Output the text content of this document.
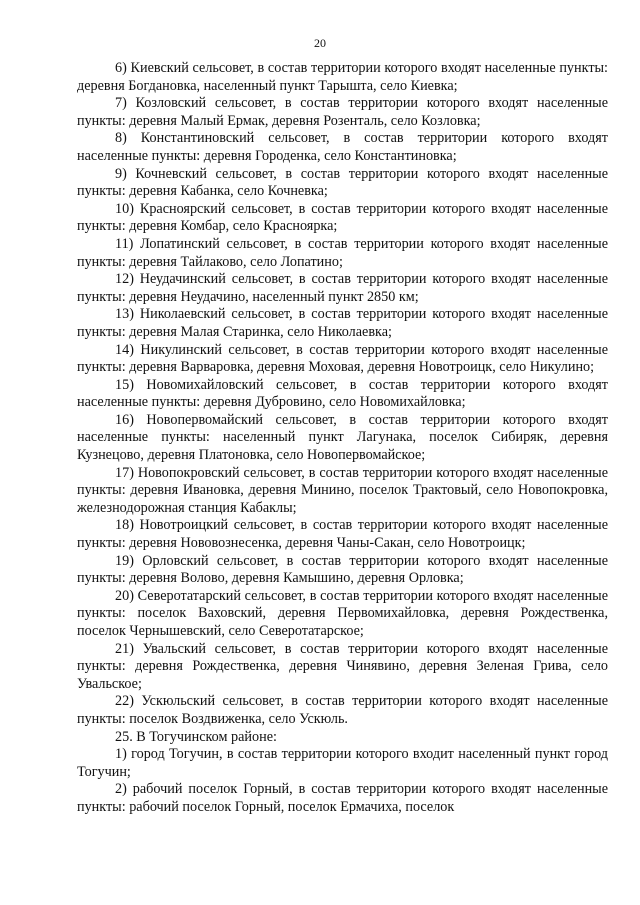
20

6) Киевский сельсовет, в состав территории которого входят населенные пункты: деревня Богдановка, населенный пункт Тарышта, село Киевка;

7) Козловский сельсовет, в состав территории которого входят населенные пункты: деревня Малый Ермак, деревня Розенталь, село Козловка;

8) Константиновский сельсовет, в состав территории которого входят населенные пункты: деревня Городенка, село Константиновка;

9) Кочневский сельсовет, в состав территории которого входят населенные пункты: деревня Кабанка, село Кочневка;

10) Красноярский сельсовет, в состав территории которого входят населенные пункты: деревня Комбар, село Красноярка;

11) Лопатинский сельсовет, в состав территории которого входят населенные пункты: деревня Тайлаково, село Лопатино;

12) Неудачинский сельсовет, в состав территории которого входят населенные пункты: деревня Неудачино, населенный пункт 2850 км;

13) Николаевский сельсовет, в состав территории которого входят населенные пункты: деревня Малая Старинка, село Николаевка;

14) Никулинский сельсовет, в состав территории которого входят населенные пункты: деревня Варваровка, деревня Моховая, деревня Новотроицк, село Никулино;

15) Новомихайловский сельсовет, в состав территории которого входят населенные пункты: деревня Дубровино, село Новомихайловка;

16) Новопервомайский сельсовет, в состав территории которого входят населенные пункты: населенный пункт Лагунака, поселок Сибиряк, деревня Кузнецово, деревня Платоновка, село Новопервомайское;

17) Новопокровский сельсовет, в состав территории которого входят населенные пункты: деревня Ивановка, деревня Минино, поселок Трактовый, село Новопокровка, железнодорожная станция Кабаклы;

18) Новотроицкий сельсовет, в состав территории которого входят населенные пункты: деревня Нововознесенка, деревня Чаны-Сакан, село Новотроицк;

19) Орловский сельсовет, в состав территории которого входят населенные пункты: деревня Волово, деревня Камышино, деревня Орловка;

20) Северотатарский сельсовет, в состав территории которого входят населенные пункты: поселок Ваховский, деревня Первомихайловка, деревня Рождественка, поселок Чернышевский, село Северотатарское;

21) Увальский сельсовет, в состав территории которого входят населенные пункты: деревня Рождественка, деревня Чинявино, деревня Зеленая Грива, село Увальское;

22) Ускюльский сельсовет, в состав территории которого входят населенные пункты: поселок Воздвиженка, село Ускюль.

25. В Тогучинском районе:

1) город Тогучин, в состав территории которого входит населенный пункт город Тогучин;

2) рабочий поселок Горный, в состав территории которого входят населенные пункты: рабочий поселок Горный, поселок Ермачиха, поселок
